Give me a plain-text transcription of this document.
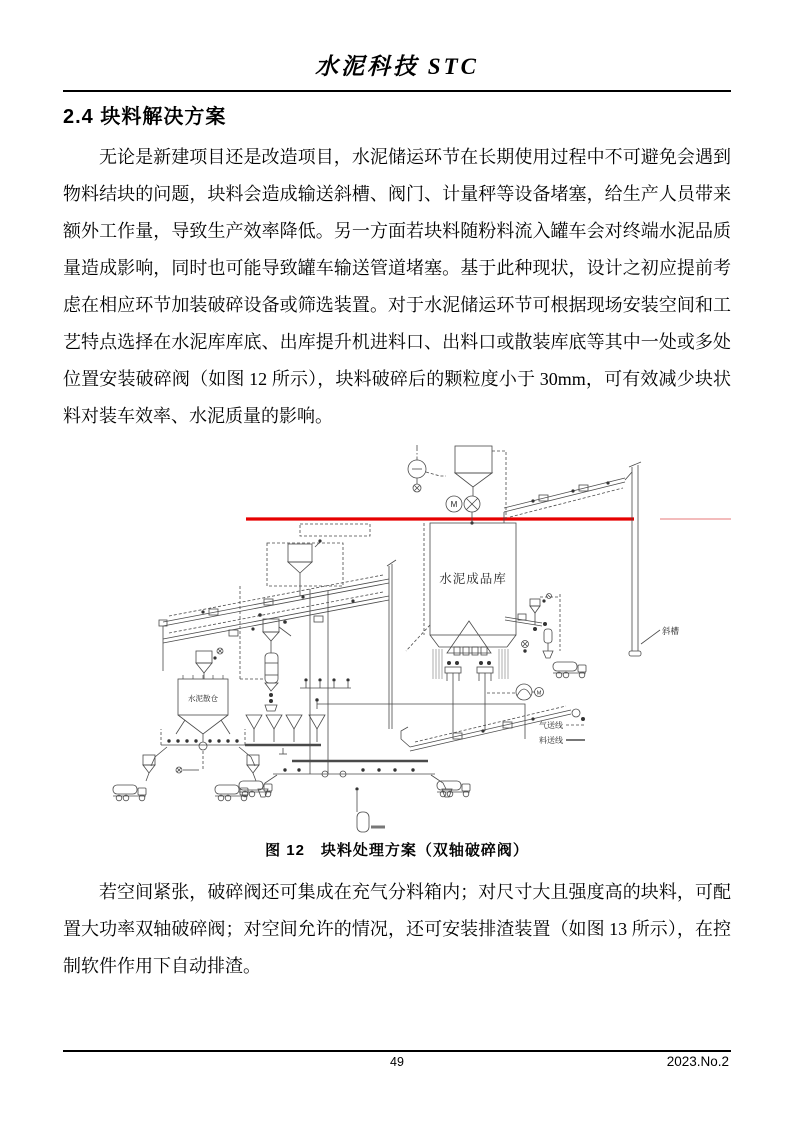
水泥科技 STC
2.4 块料解决方案

无论是新建项目还是改造项目，水泥储运环节在长期使用过程中不可避免会遇到物料结块的问题，块料会造成输送斜槽、阀门、计量秤等设备堵塞，给生产人员带来额外工作量，导致生产效率降低。另一方面若块料随粉料流入罐车会对终端水泥品质量造成影响，同时也可能导致罐车输送管道堵塞。基于此种现状，设计之初应提前考虑在相应环节加装破碎设备或筛选装置。对于水泥储运环节可根据现场安装空间和工艺特点选择在水泥库库底、出库提升机进料口、出料口或散装库底等其中一处或多处位置安装破碎阀（如图 12 所示），块料破碎后的颗粒度小于 30mm，可有效减少块状料对装车效率、水泥质量的影响。

M
水泥成品库
斜槽
水泥散仓
M
气送线
料送线
图 12　块料处理方案（双轴破碎阀）

若空间紧张，破碎阀还可集成在充气分料箱内；对尺寸大且强度高的块料，可配置大功率双轴破碎阀；对空间允许的情况，还可安装排渣装置（如图 13 所示），在控制软件作用下自动排渣。

49	2023.No.2
